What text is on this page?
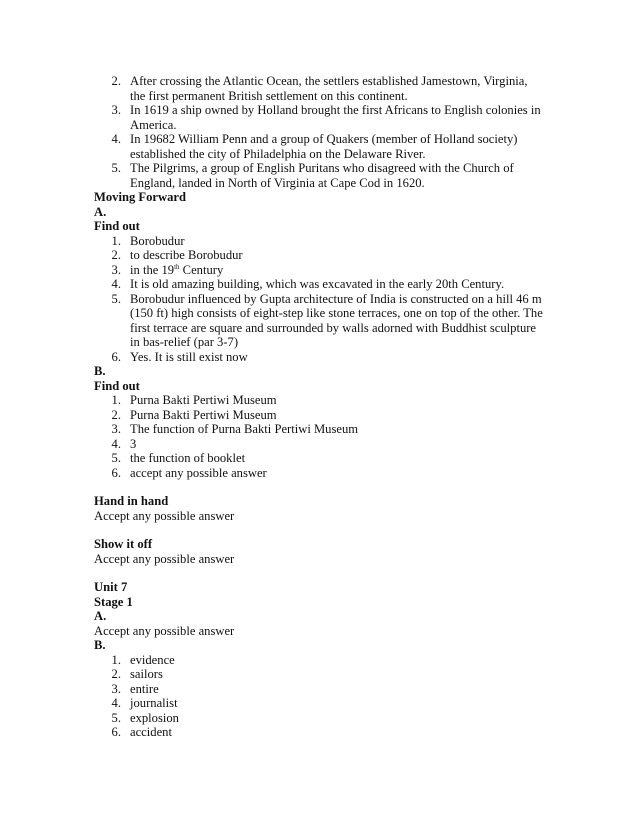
2. After crossing the Atlantic Ocean, the settlers established Jamestown, Virginia,
the first permanent British settlement on this continent.
3. In 1619 a ship owned by Holland brought the first Africans to English colonies in
America.
4. In 19682 William Penn and a group of Quakers (member of Holland society)
established the city of Philadelphia on the Delaware River.
5. The Pilgrims, a group of English Puritans who disagreed with the Church of
England, landed in North of Virginia at Cape Cod in 1620.
Moving Forward
A.
Find out
1. Borobudur
2. to describe Borobudur
3. in the 19th Century
4. It is old amazing building, which was excavated in the early 20th Century.
5. Borobudur influenced by Gupta architecture of India is constructed on a hill 46 m
(150 ft) high consists of eight-step like stone terraces, one on top of the other. The
first terrace are square and surrounded by walls adorned with Buddhist sculpture
in bas-relief (par 3-7)
6. Yes. It is still exist now
B.
Find out
1. Purna Bakti Pertiwi Museum
2. Purna Bakti Pertiwi Museum
3. The function of Purna Bakti Pertiwi Museum
4. 3
5. the function of booklet
6. accept any possible answer
Hand in hand
Accept any possible answer
Show it off
Accept any possible answer
Unit 7
Stage 1
A.
Accept any possible answer
B.
1. evidence
2. sailors
3. entire
4. journalist
5. explosion
6. accident
